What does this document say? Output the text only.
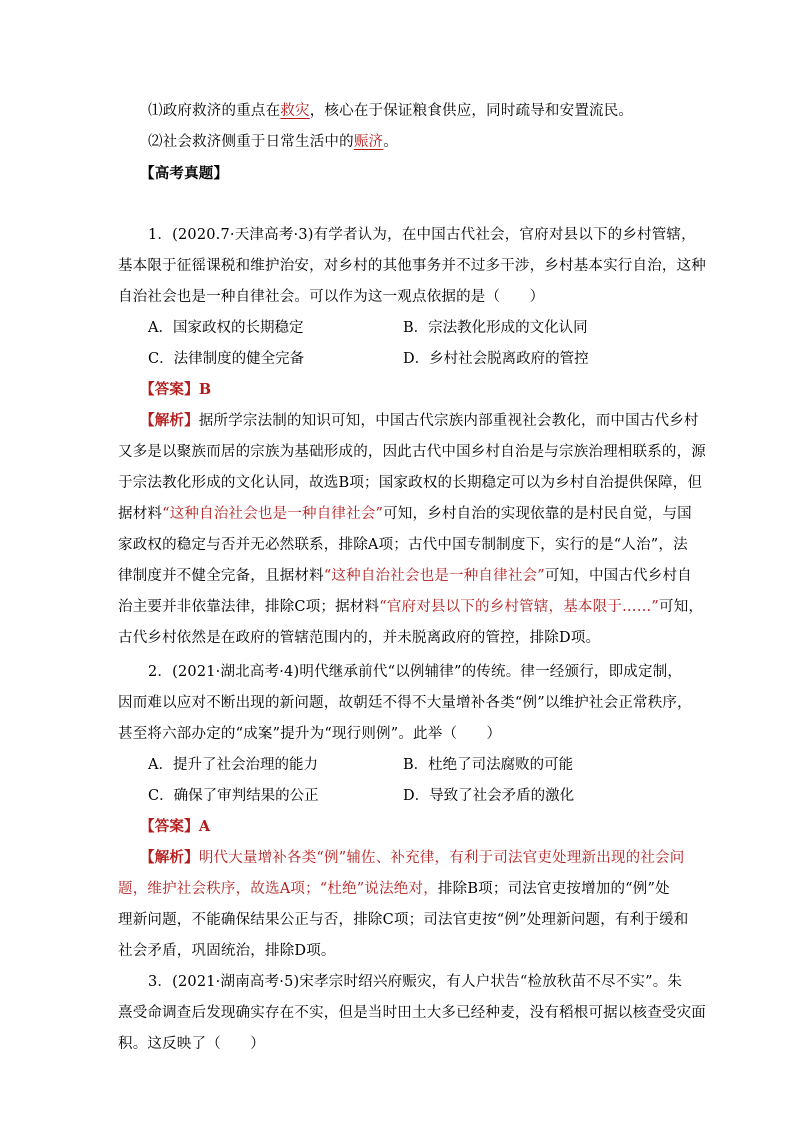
⑴政府救济的重点在救灾，核心在于保证粮食供应，同时疏导和安置流民。
⑵社会救济侧重于日常生活中的赈济。
【高考真题】
1．(2020.7·天津高考·3)有学者认为，在中国古代社会，官府对县以下的乡村管辖，
基本限于征徭课税和维护治安，对乡村的其他事务并不过多干涉，乡村基本实行自治，这种
自治社会也是一种自律社会。可以作为这一观点依据的是（　　）
A．国家政权的长期稳定	B．宗法教化形成的文化认同
C．法律制度的健全完备	D．乡村社会脱离政府的管控
【答案】B
【解析】据所学宗法制的知识可知，中国古代宗族内部重视社会教化，而中国古代乡村
又多是以聚族而居的宗族为基础形成的，因此古代中国乡村自治是与宗族治理相联系的，源
于宗法教化形成的文化认同，故选B项；国家政权的长期稳定可以为乡村自治提供保障，但
据材料“这种自治社会也是一种自律社会”可知，乡村自治的实现依靠的是村民自觉，与国
家政权的稳定与否并无必然联系，排除A项；古代中国专制制度下，实行的是“人治”，法
律制度并不健全完备，且据材料“这种自治社会也是一种自律社会”可知，中国古代乡村自
治主要并非依靠法律，排除C项；据材料“官府对县以下的乡村管辖，基本限于……”可知，
古代乡村依然是在政府的管辖范围内的，并未脱离政府的管控，排除D项。
2．(2021·湖北高考·4)明代继承前代“以例辅律”的传统。律一经颁行，即成定制，
因而难以应对不断出现的新问题，故朝廷不得不大量增补各类“例”以维护社会正常秩序，
甚至将六部办定的“成案”提升为“现行则例”。此举（　　）
A．提升了社会治理的能力	B．杜绝了司法腐败的可能
C．确保了审判结果的公正	D．导致了社会矛盾的激化
【答案】A
【解析】明代大量增补各类“例”辅佐、补充律，有利于司法官吏处理新出现的社会问
题，维护社会秩序，故选A项；“杜绝”说法绝对，排除B项；司法官吏按增加的“例”处
理新问题，不能确保结果公正与否，排除C项；司法官吏按“例”处理新问题，有利于缓和
社会矛盾，巩固统治，排除D项。
3．(2021·湖南高考·5)宋孝宗时绍兴府赈灾，有人户状告“检放秋苗不尽不实”。朱
熹受命调查后发现确实存在不实，但是当时田土大多已经种麦，没有稻根可据以核查受灾面
积。这反映了（　　）
